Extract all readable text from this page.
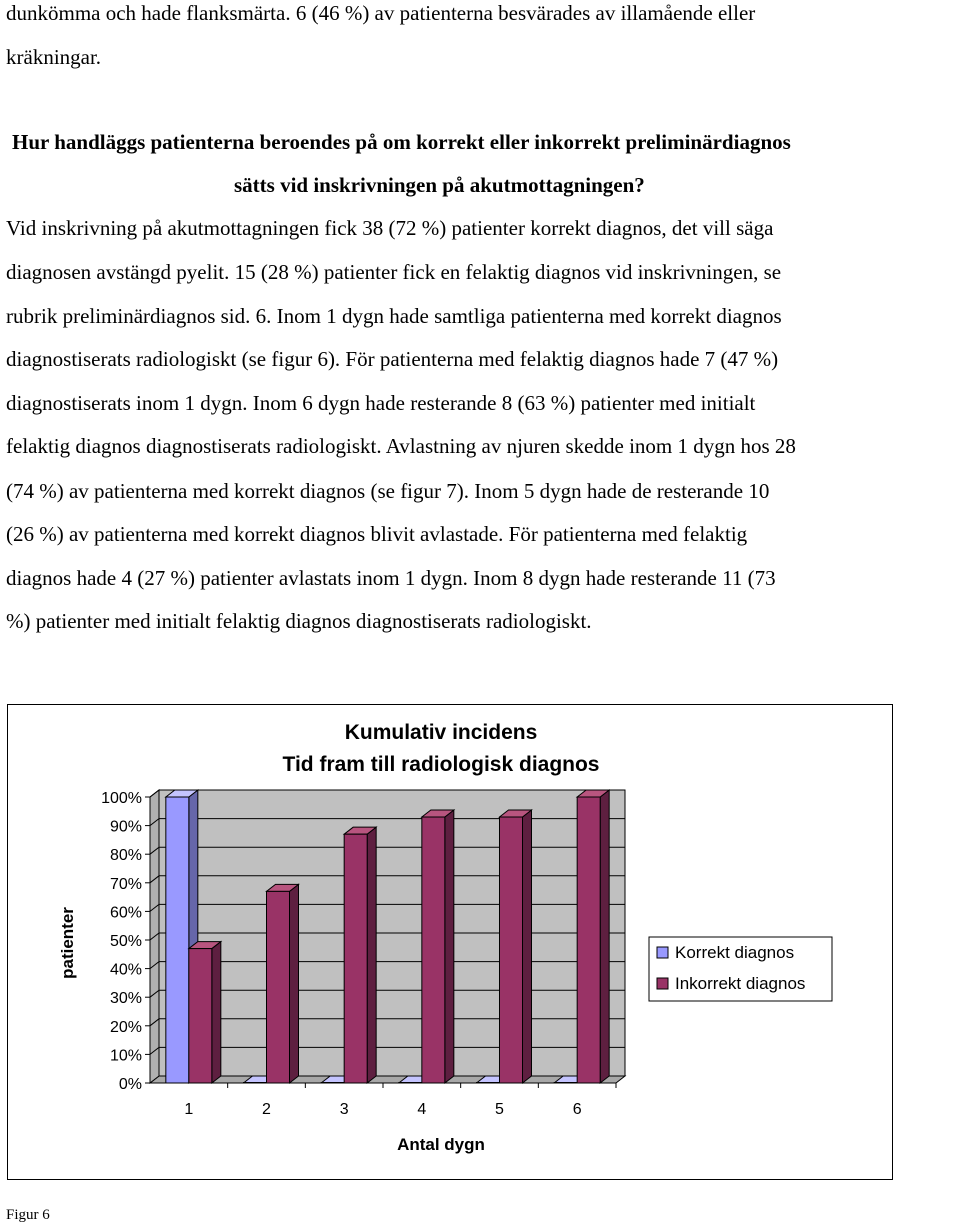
dunkömma och hade flanksmärta. 6 (46 %) av patienterna besvärades av illamående eller

kräkningar.

Hur handläggs patienterna beroendes på om korrekt eller inkorrekt preliminärdiagnos

sätts vid inskrivningen på akutmottagningen?

Vid inskrivning på akutmottagningen fick 38 (72 %) patienter korrekt diagnos, det vill säga

diagnosen avstängd pyelit. 15 (28 %) patienter fick en felaktig diagnos vid inskrivningen, se

rubrik preliminärdiagnos sid. 6. Inom 1 dygn hade samtliga patienterna med korrekt diagnos

diagnostiserats radiologiskt (se figur 6). För patienterna med felaktig diagnos hade 7 (47 %)

diagnostiserats inom 1 dygn. Inom 6 dygn hade resterande 8 (63 %) patienter med initialt

felaktig diagnos diagnostiserats radiologiskt. Avlastning av njuren skedde inom 1 dygn hos 28

(74 %) av patienterna med korrekt diagnos (se figur 7). Inom 5 dygn hade de resterande 10

(26 %) av patienterna med korrekt diagnos blivit avlastade. För patienterna med felaktig

diagnos hade 4 (27 %) patienter avlastats inom 1 dygn. Inom 8 dygn hade resterande 11 (73

%) patienter med initialt felaktig diagnos diagnostiserats radiologiskt.

Kumulativ incidens
Tid fram till radiologisk diagnos
0%
10%
20%
30%
40%
50%
60%
70%
80%
90%
100%
1	2	3	4	5	6
Antal dygn
patienter	Korrekt diagnos
Inkorrekt diagnos

Figur 6
